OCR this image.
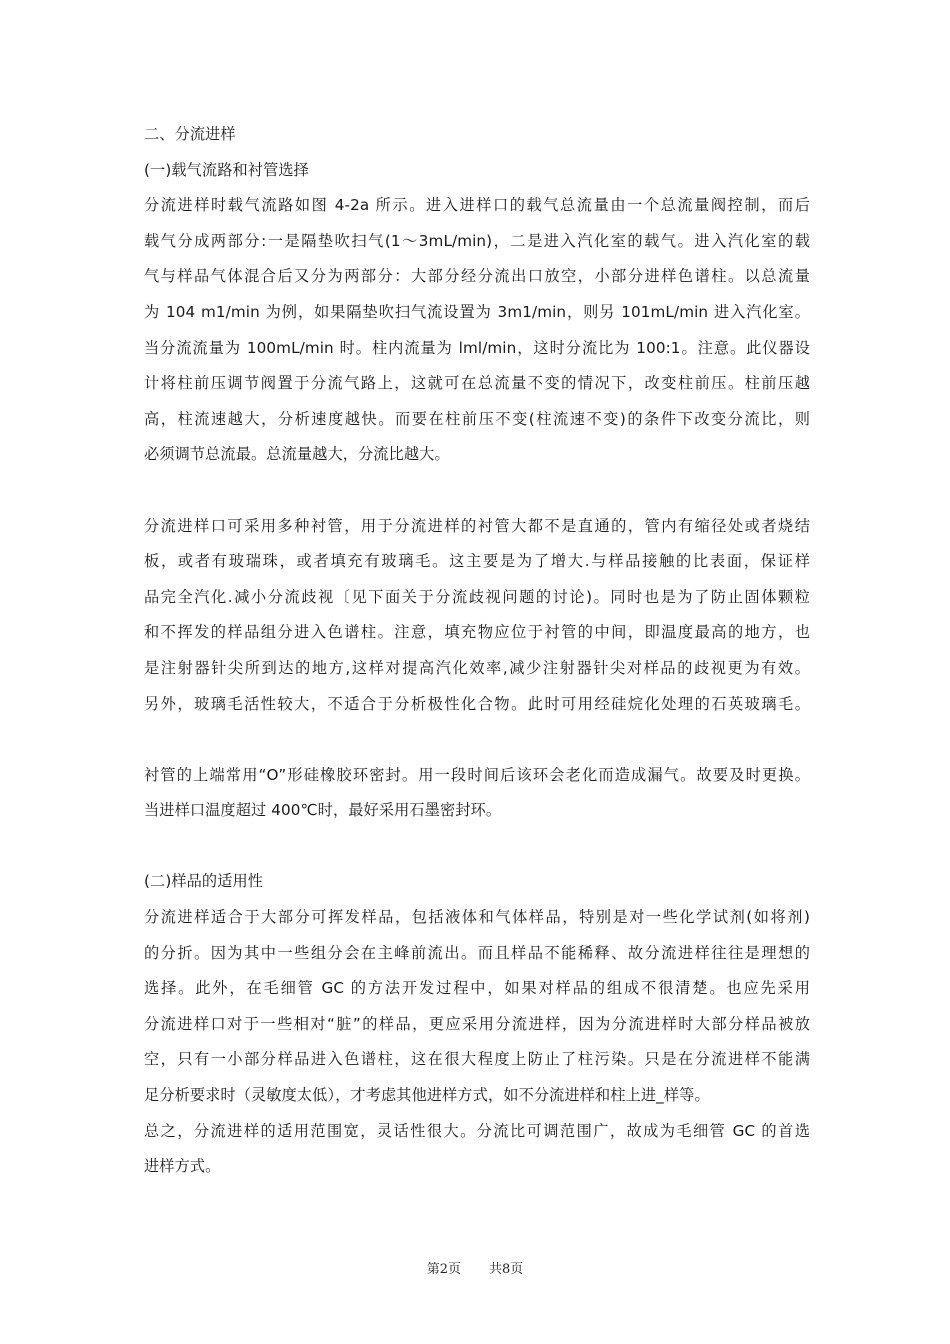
二、分流进样
(一)载气流路和衬管选择
分流进样时载气流路如图 4-2a 所示。进入进样口的载气总流量由一个总流量阀控制，而后
载气分成两部分:一是隔垫吹扫气(1～3mL/min)，二是进入汽化室的载气。进入汽化室的载
气与样品气体混合后又分为两部分：大部分经分流出口放空，小部分进样色谱柱。以总流量
为 104 m1/min 为例，如果隔垫吹扫气流设置为 3m1/min，则另 101mL/min 进入汽化室。
当分流流量为 100mL/min 时。柱内流量为 lml/min，这时分流比为 100:1。注意。此仪器设
计将柱前压调节阀置于分流气路上，这就可在总流量不变的情况下，改变柱前压。柱前压越
高，柱流速越大，分析速度越快。而要在柱前压不变(柱流速不变)的条件下改变分流比，则
必须调节总流最。总流量越大，分流比越大。
分流进样口可采用多种衬管，用于分流进样的衬管大都不是直通的，管内有缩径处或者烧结
板，或者有玻瑞珠，或者填充有玻璃毛。这主要是为了增大.与样品接触的比表面，保证样
品完全汽化.减小分流歧视〔见下面关于分流歧视问题的讨论)。同时也是为了防止固体颗粒
和不挥发的样品组分进入色谱柱。注意，填充物应位于衬管的中间，即温度最高的地方，也
是注射器针尖所到达的地方,这样对提高汽化效率,减少注射器针尖对样品的歧视更为有效。
另外，玻璃毛活性较大，不适合于分析极性化合物。此时可用经硅烷化处理的石英玻璃毛。
衬管的上端常用“O”形硅橡胶环密封。用一段时间后该环会老化而造成漏气。故要及时更换。
当进样口温度超过 400℃时，最好采用石墨密封环。
(二)样品的适用性
分流进样适合于大部分可挥发样品，包括液体和气体样品，特别是对一些化学试剂(如将剂)
的分折。因为其中一些组分会在主峰前流出。而且样品不能稀释、故分流进样往往是理想的
选择。此外，在毛细管 GC 的方法开发过程中，如果对样品的组成不很清楚。也应先采用
分流进样口对于一些相对“脏”的样品，更应采用分流进样，因为分流进样时大部分样品被放
空，只有一小部分样品进入色谱柱，这在很大程度上防止了柱污染。只是在分流进样不能满
足分析要求时（灵敏度太低），才考虑其他进样方式，如不分流进样和柱上进_样等。
总之，分流进样的适用范围宽，灵话性很大。分流比可调范围广，故成为毛细管 GC 的首选
进样方式。
第2页 共8页
